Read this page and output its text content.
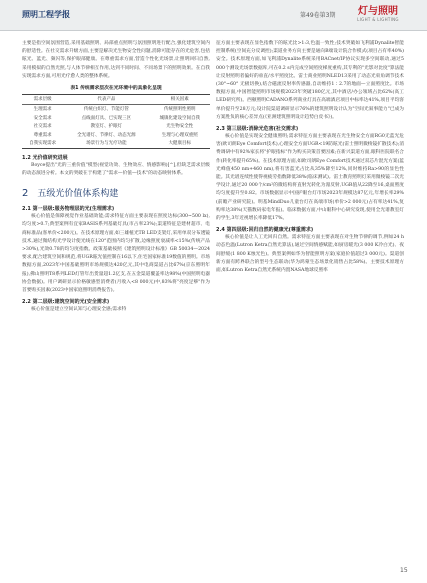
照明工程学报	第49卷第3期 灯与照明
LIGHT & LIGHTING

主要是指空间氛围营造,采用基础照明、局部重点照明与氛围照明进行配合,强化建筑空间内的舒适性。在社交需求升级方面,主要是解决光生物安全性问题,消除可能存在的光危害,包括眩光、蓝光、频闪等,保护眼部健康。在尊重需求方面,营造个性化光场景,让照明回归自然,采用模拟的自然光照,与人体节律相互作用,达到不同时间、不同场景下的照明效果。在自我实现需求方面,可用光疗愈人类的整体系统。

表1 传统需求层次在光环境中的具象化呈现
需求层级	代表产品	相关因素
生理需求	传统白炽灯、节能灯管	传统照明性照明
安全需求	点线面灯具、已实现三区	城镇化建设空间自我
社交需求	教室灯、护眼灯	光生物安全性
尊重需求	全光谱灯、节律灯、动态光源	生理与心理双重照
自我实现需求	场景行为与光疗功能	大健康目标
1.2 光价值研究进展

Boyce提出"光的三重价值"模型(视觉功效、生物效应、情感影响)[^],但缺乏需求层级的动态演进分析。本文的突破在于构建了"需求—价值—技术"的动态映射体系。

2 五级光价值体系构建
2.1 第一层级:服务物理层的光(生理需求)

核心价值是保障视觉作业基础效能;需求特征方面主要表现在照度达标(300~500 lx),均匀度>0.7;典型案例有宜家BASIS系列基础灯具(市占率23%);渠道特征是建材超市、电商标准品(客单价<200元)。在技术原理方面,如三雄植光TB LED支架灯,采用单双分布透镜技术,通过微结构光学设计使光线在120°范围内均匀扩散,边缘照度衰减率<15%(传统产品>30%),光效0.78的均匀度指数。政策基础按照《建筑照明设计标准》GB 50034—2024要求,配合建筑空间和规范,将UGR眩光值控制在16以下,住宅国家标准19数值的照明。市场数据方面,2023年中国基础照明市场规模达420亿元,其中电商渠道占比67%(京东照明年报),佛山照明T8系列LED灯管年出货量超1.2亿支,在五金渠道覆盖率达98%(中国照明电器协会数据)。用户调研显示价格敏感型消费者(月收入<8 000元)中,83%将"亮度足够"作为首要购买因素(2023中国家庭照明消费报告)。

2.2 第二层级:建筑空间的光(安全需求)

核心价值是建立空间认知与心理安全感;需求特

征方面主要表现在显色指数下的眩光比>1:3,色温一致性;技术突破如飞利浦Dynalite智能控制系统(空间充分反调控);渠道业务方向主要是通向B端设计院合作模式(项目占有率40%)安全。技术原理方面,如飞利浦Dynalite系统采用BACnet/IP协议实现多空间联动,通过5 000个测设光场景数据库,可在0.2 s内完成空间照度梯度重构,其专利的"光影对比度"算法能让反射照明者偏好的垂直/水平照度比。雷士商业照明NLED13采用了动态光束角调节技术(30°~60° 无极切换),结合磁流反射率传感器,自动维持1∶2.7的地面—立面照度比。市场数据方面,中国智能照明市场规模2023年突破180亿元,其中酒店/办公领域占比62%(高工LED研究所)。西顿照明CADANO系列商业灯具在高端酒店项目中标率达41%,项目平均客单价提升至28万元;设计院渠道调研显示76%的建筑照明设计认为"空间光叙事能力"已成为方案胜负的核心差异点(《亚洲建筑照明设计趋势白皮书》)。

2.3 第三层级:消除光危害(社交需求)

核心价值是实现安全健康照明;需求特征方面主要表现在光生物安全方面RG0无蓝光危害(欧司朗Eye Comfort技术),心理安全方面UGR<19防眩光(雷士照明微棱镜扩散技术);消费调研中有92%家长将"护眼指标"作为购买决策首要因素;在新兴渠道方面,眼科医院联名合作(转化率提升65%)。在技术原理方面,如欧司朗Eye Comfort技术通过双芯片混光方案(蓝光峰值450 nm+460 nm),将有害蓝光占比从35%降至12%,同时维持Ra>90的显色性能。其光谱连续性使得视疲劳指数降低38%(临床测试)。雷士教育照明灯采用微棱镜二次光学设计,通过20 000个/cm²的微结构将直射光转化为漫反射,UGR值从22降至16,桌面照度均匀度提升至0.82。市场数据显示中国护眼台灯市场2023年规模达87亿元,年增长率29%(前瞻产业研究院)。明基MindDuo儿童台灯在高端市场(单价>2 000元)占有率达41%,复购率达38%(天猫数码家电年报)。临床数据方面,中山眼科中心研究发现,使用全光谱教室灯的学生,3年近视增长率降低17%。

2.4 第四层级:回归自然的健康光(尊重需求)

核心价值是让人工光回归自然。需求特征方面主要表现在对生物节律的调节,例如24 h动态色温(Lutron Ketra自然光算法),通过空间情感赋能,如厨房暖光(3 000 K冷白光)、夜间舒缓(1 800 K烛光色)。典型案例如华为智能照明方案(家庭价值超过3 000元)。渠道创新方面有跨界联合的型号生态联动(华为鸿蒙生态场景化销售占比58%)。主要技术原理方面,如Lutron Ketra自然光系统内置NASA地球反照率

15
